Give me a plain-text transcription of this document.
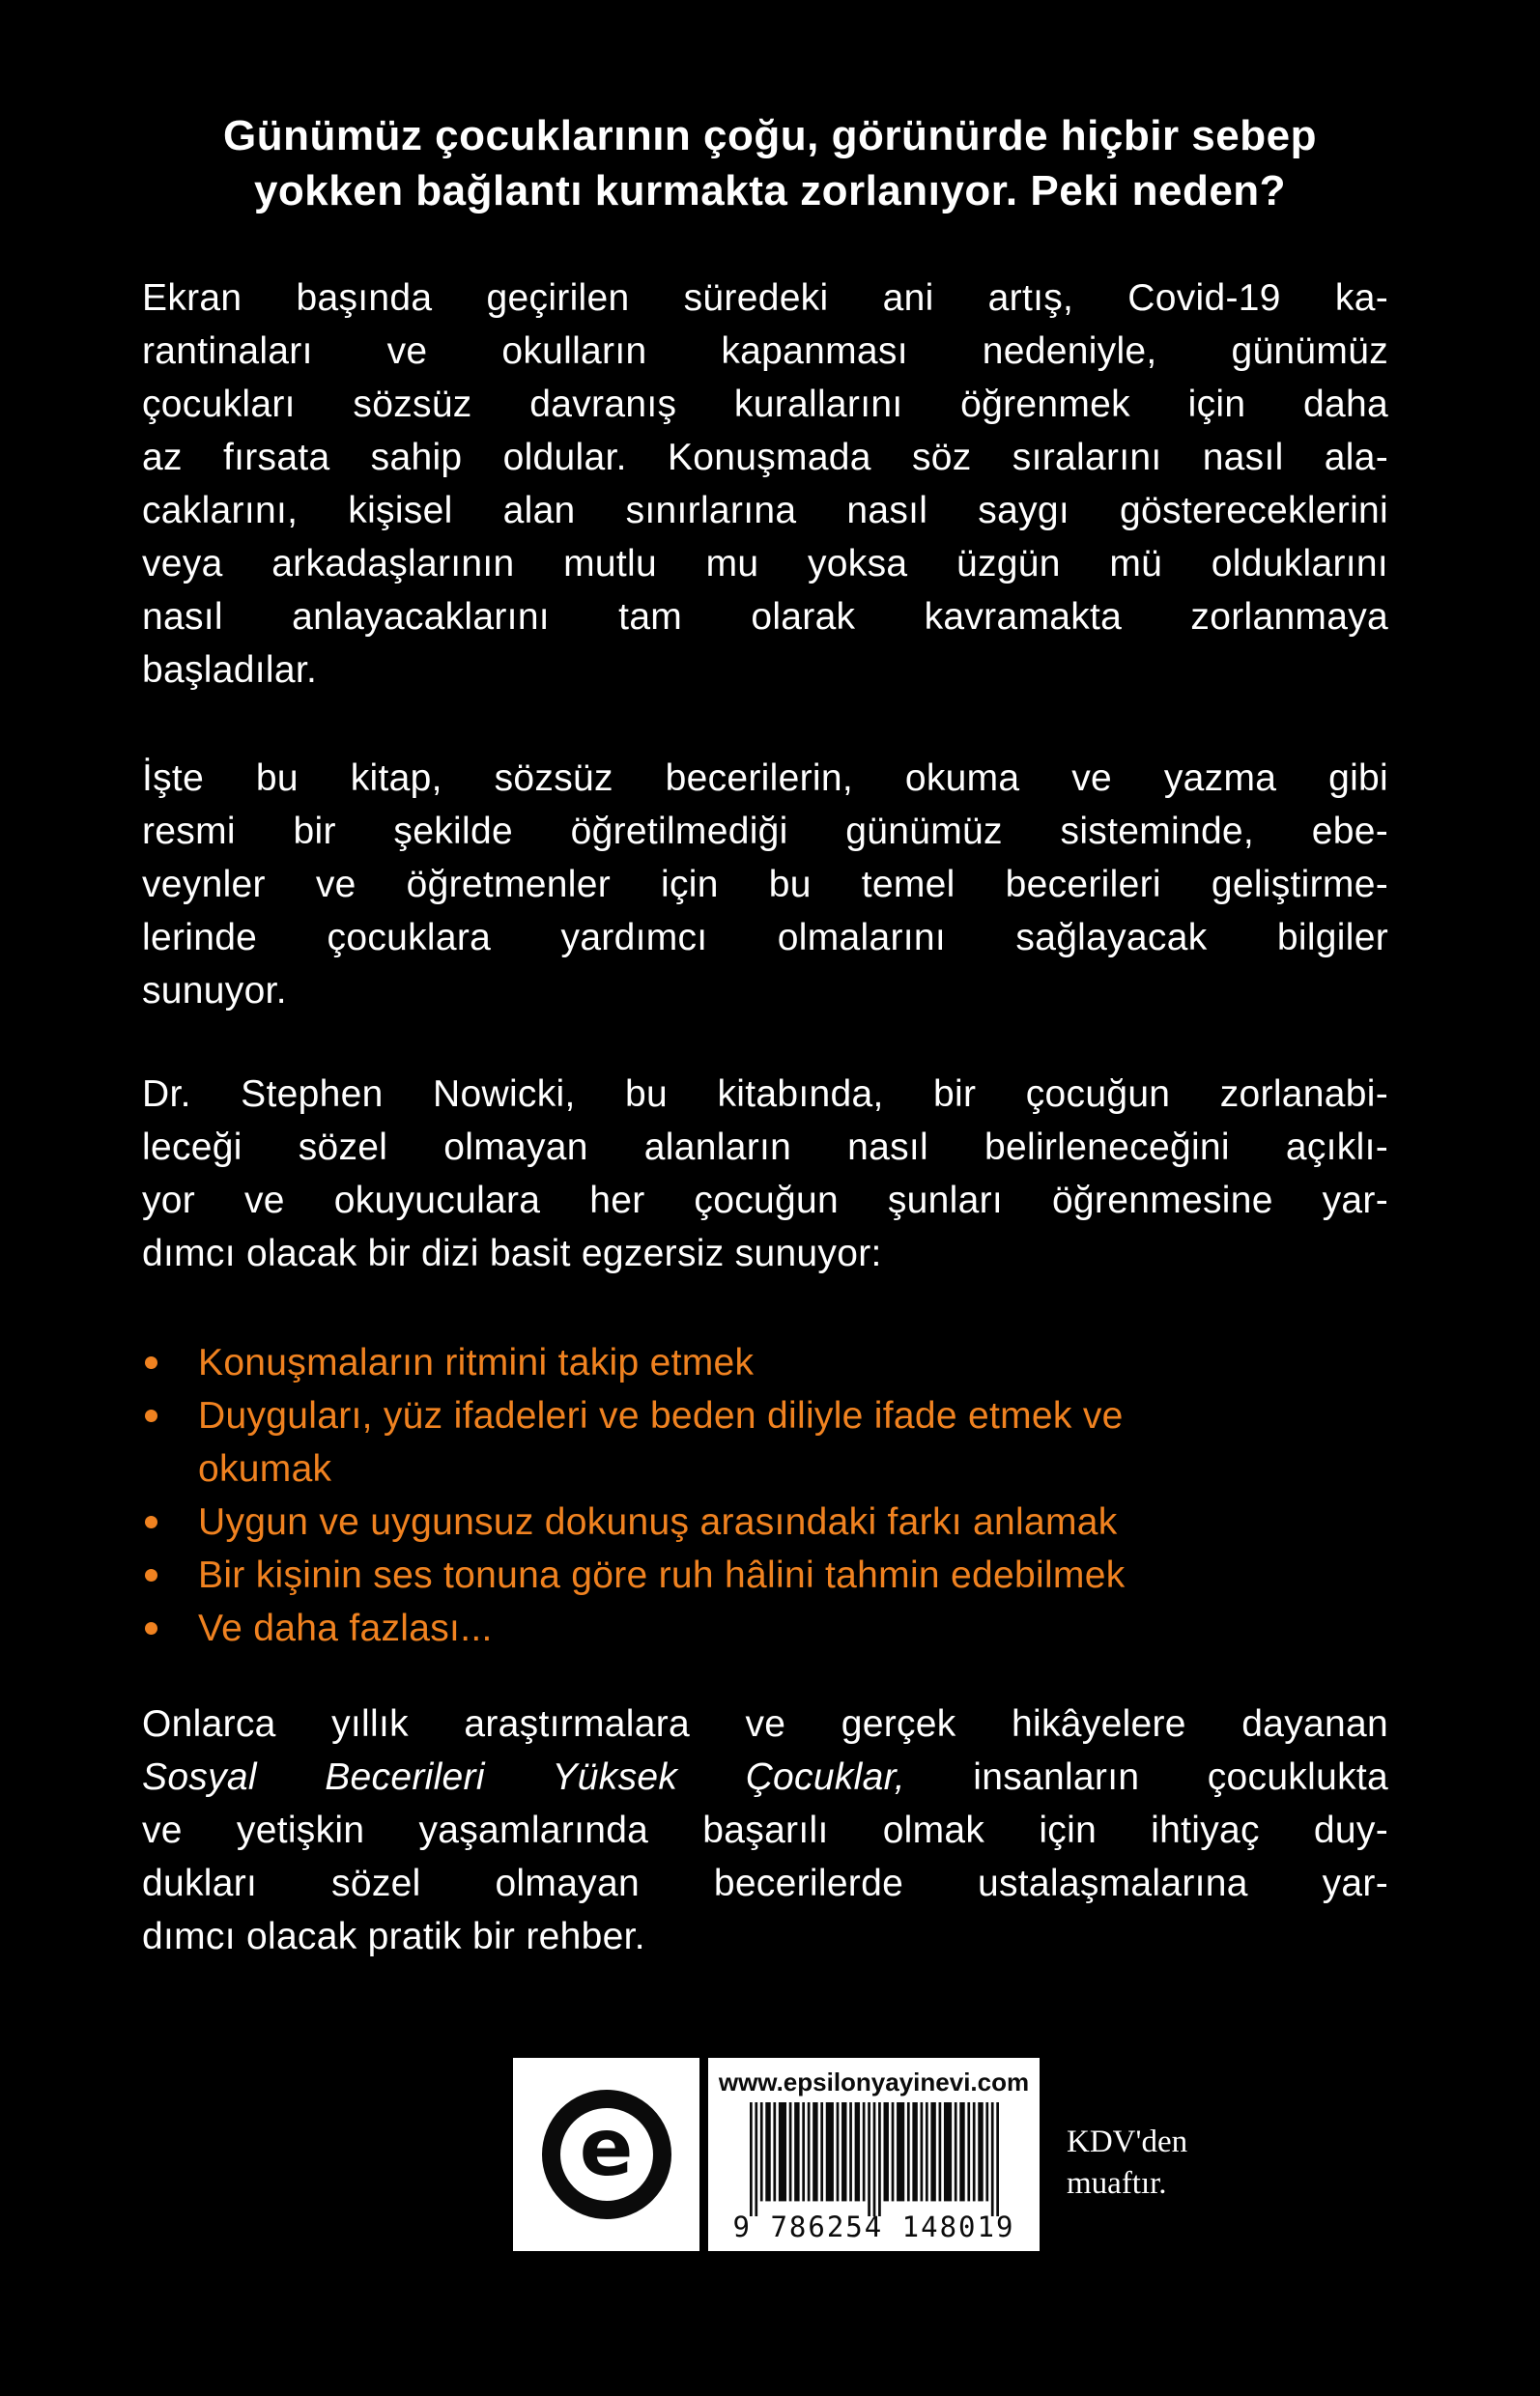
Günümüz çocuklarının çoğu, görünürde hiçbir sebep
yokken bağlantı kurmakta zorlanıyor. Peki neden?
Ekran başında geçirilen süredeki ani artış, Covid-19 ka-
rantinaları ve okulların kapanması nedeniyle, günümüz
çocukları sözsüz davranış kurallarını öğrenmek için daha
az fırsata sahip oldular. Konuşmada söz sıralarını nasıl ala-
caklarını, kişisel alan sınırlarına nasıl saygı göstereceklerini
veya arkadaşlarının mutlu mu yoksa üzgün mü olduklarını
nasıl anlayacaklarını tam olarak kavramakta zorlanmaya
başladılar.
İşte bu kitap, sözsüz becerilerin, okuma ve yazma gibi
resmi bir şekilde öğretilmediği günümüz sisteminde, ebe-
veynler ve öğretmenler için bu temel becerileri geliştirme-
lerinde çocuklara yardımcı olmalarını sağlayacak bilgiler
sunuyor.
Dr. Stephen Nowicki, bu kitabında, bir çocuğun zorlanabi-
leceği sözel olmayan alanların nasıl belirleneceğini açıklı-
yor ve okuyuculara her çocuğun şunları öğrenmesine yar-
dımcı olacak bir dizi basit egzersiz sunuyor:
Konuşmaların ritmini takip etmek
Duyguları, yüz ifadeleri ve beden diliyle ifade etmek ve
okumak
Uygun ve uygunsuz dokunuş arasındaki farkı anlamak
Bir kişinin ses tonuna göre ruh hâlini tahmin edebilmek
Ve daha fazlası...
Onlarca yıllık araştırmalara ve gerçek hikâyelere dayanan
Sosyal Becerileri Yüksek Çocuklar, insanların çocuklukta
ve yetişkin yaşamlarında başarılı olmak için ihtiyaç duy-
dukları sözel olmayan becerilerde ustalaşmalarına yar-
dımcı olacak pratik bir rehber.
e
www.epsilonyayinevi.com
9 786254 148019
KDV'den
muaftır.
